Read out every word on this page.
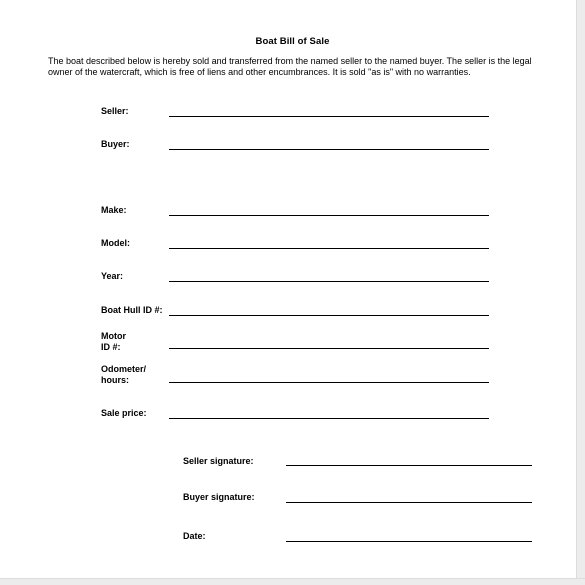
Boat Bill of Sale
The boat described below is hereby sold and transferred from the named seller to the named buyer. The seller is the legal
owner of the watercraft, which is free of liens and other encumbrances. It is sold "as is" with no warranties.
Seller:
Buyer:
Make:
Model:
Year:
Boat Hull ID #:
Motor
ID #:
Odometer/
hours:
Sale price:
Seller signature:
Buyer signature:
Date:
